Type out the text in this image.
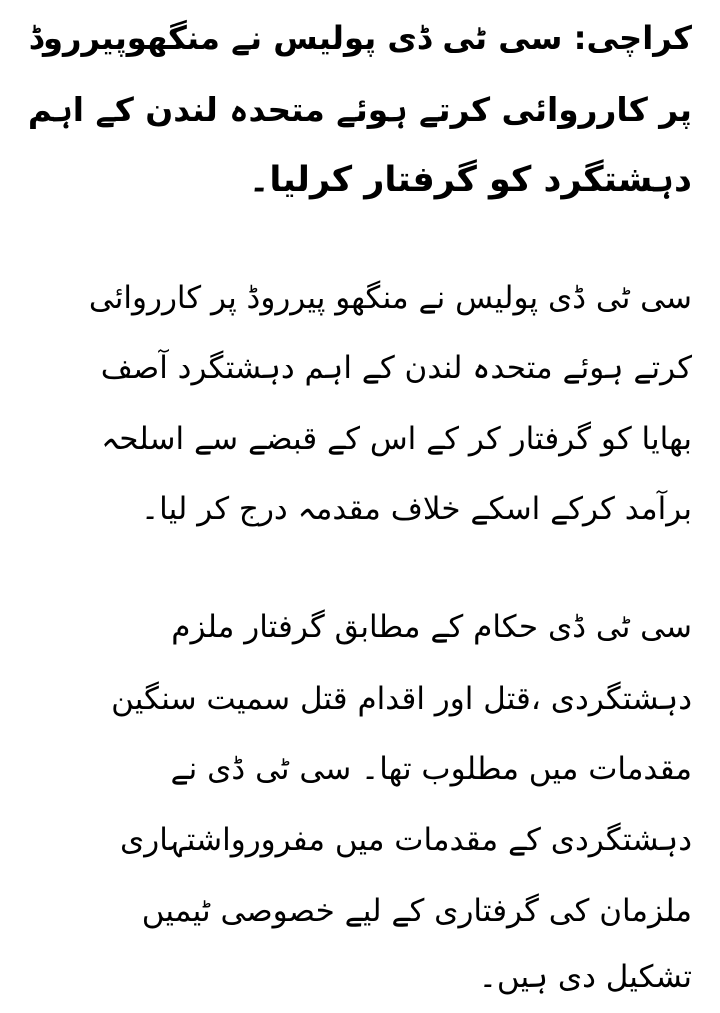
کراچی: سی ٹی ڈی پولیس نے منگھوپیرروڈ
پر کارروائی کرتے ہوئے متحدہ لندن کے اہم
دہشتگرد کو گرفتار کرلیا۔
سی ٹی ڈی پولیس نے منگھو پیرروڈ پر کارروائی
کرتے ہوئے متحدہ لندن کے اہم دہشتگرد آصف
بھایا کو گرفتار کر کے اس کے قبضے سے اسلحہ
برآمد کرکے اسکے خلاف مقدمہ درج کر لیا۔
سی ٹی ڈی حکام کے مطابق گرفتار ملزم
دہشتگردی ،قتل اور اقدام قتل سمیت سنگین
مقدمات میں مطلوب تھا۔ سی ٹی ڈی نے
دہشتگردی کے مقدمات میں مفرورواشتہاری
ملزمان کی گرفتاری کے لیے خصوصی ٹیمیں
تشکیل دی ہیں۔
